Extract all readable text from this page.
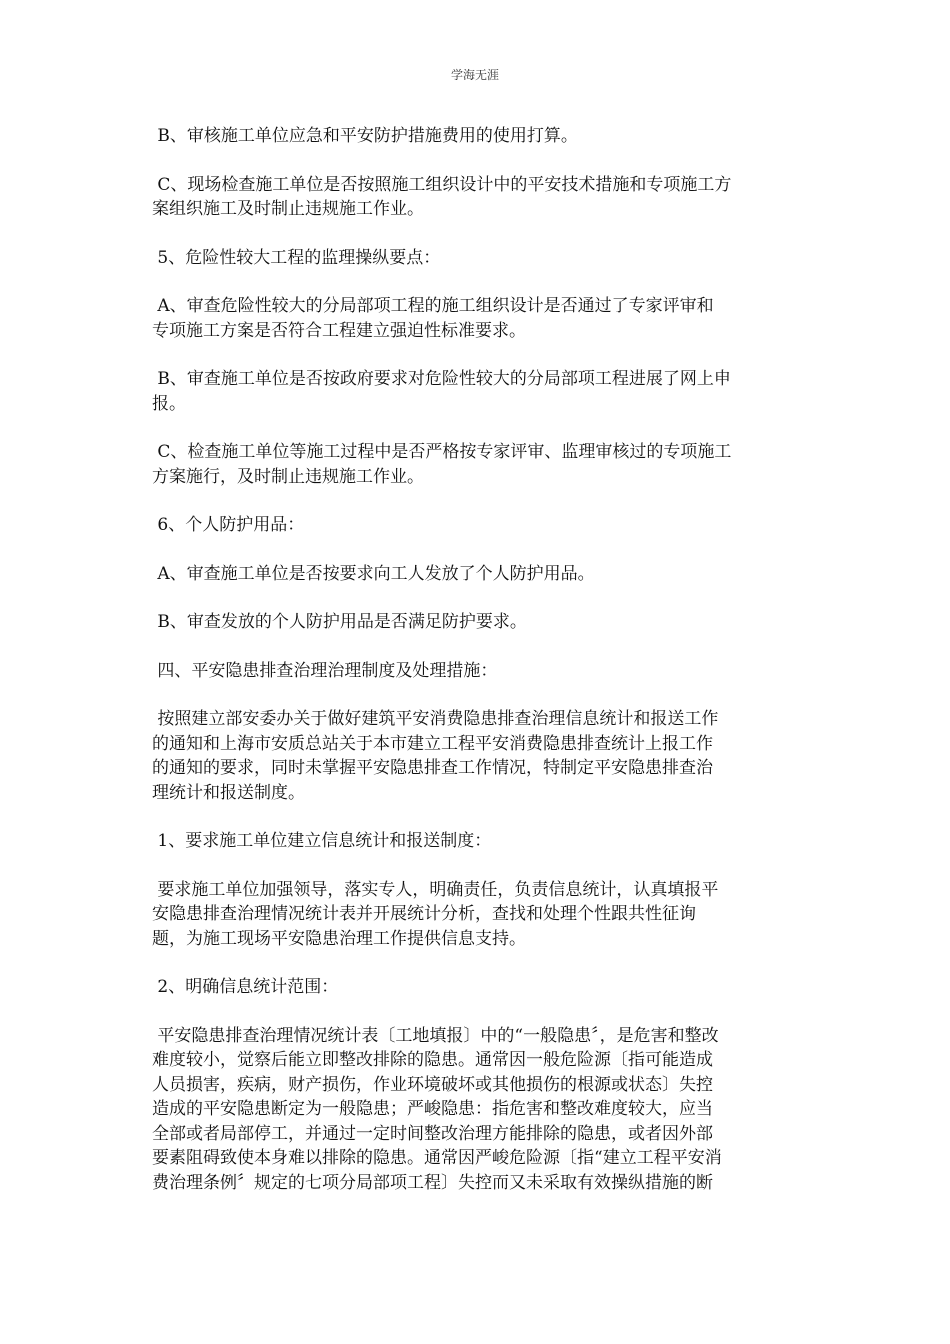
学海无涯

B、审核施工单位应急和平安防护措施费用的使用打算。

C、现场检查施工单位是否按照施工组织设计中的平安技术措施和专项施工方
案组织施工及时制止违规施工作业。

5、危险性较大工程的监理操纵要点：

A、审查危险性较大的分局部项工程的施工组织设计是否通过了专家评审和
专项施工方案是否符合工程建立强迫性标准要求。

B、审查施工单位是否按政府要求对危险性较大的分局部项工程进展了网上申
报。

C、检查施工单位等施工过程中是否严格按专家评审、监理审核过的专项施工
方案施行，及时制止违规施工作业。

6、个人防护用品：

A、审查施工单位是否按要求向工人发放了个人防护用品。

B、审查发放的个人防护用品是否满足防护要求。

四、平安隐患排查治理治理制度及处理措施：

按照建立部安委办关于做好建筑平安消费隐患排查治理信息统计和报送工作
的通知和上海市安质总站关于本市建立工程平安消费隐患排查统计上报工作
的通知的要求，同时未掌握平安隐患排查工作情况，特制定平安隐患排查治
理统计和报送制度。

1、要求施工单位建立信息统计和报送制度：

要求施工单位加强领导，落实专人，明确责任，负责信息统计，认真填报平
安隐患排查治理情况统计表并开展统计分析，查找和处理个性跟共性征询
题，为施工现场平安隐患治理工作提供信息支持。

2、明确信息统计范围：

平安隐患排查治理情况统计表〔工地填报〕中的“一般隐患〞，是危害和整改
难度较小，觉察后能立即整改排除的隐患。通常因一般危险源〔指可能造成
人员损害，疾病，财产损伤，作业环境破坏或其他损伤的根源或状态〕失控
造成的平安隐患断定为一般隐患；严峻隐患：指危害和整改难度较大，应当
全部或者局部停工，并通过一定时间整改治理方能排除的隐患，或者因外部
要素阻碍致使本身难以排除的隐患。通常因严峻危险源〔指“建立工程平安消
费治理条例〞规定的七项分局部项工程〕失控而又未采取有效操纵措施的断
